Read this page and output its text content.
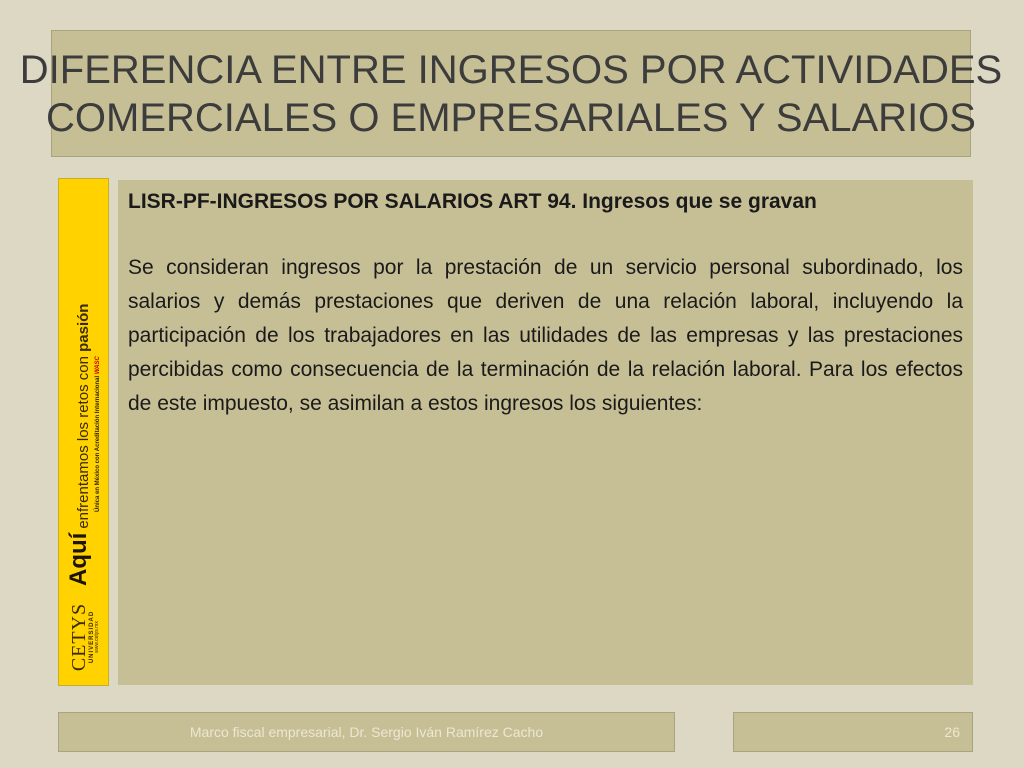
DIFERENCIA ENTRE INGRESOS POR ACTIVIDADES
COMERCIALES O EMPRESARIALES Y SALARIOS
CETYS UNIVERSIDAD www.cetys.mx
Aquí
enfrentamos los retos con pasión
Única en México con Acreditación Internacional WASC

LISR-PF-INGRESOS POR SALARIOS ART 94. Ingresos que se gravan

Se consideran ingresos por la prestación de un servicio personal subordinado, los salarios y demás prestaciones que deriven de una relación laboral, incluyendo la participación de los trabajadores en las utilidades de las empresas y las prestaciones percibidas como consecuencia de la terminación de la relación laboral. Para los efectos de este impuesto, se asimilan a estos ingresos los siguientes:

Marco fiscal empresarial, Dr. Sergio Iván Ramírez Cacho	26
